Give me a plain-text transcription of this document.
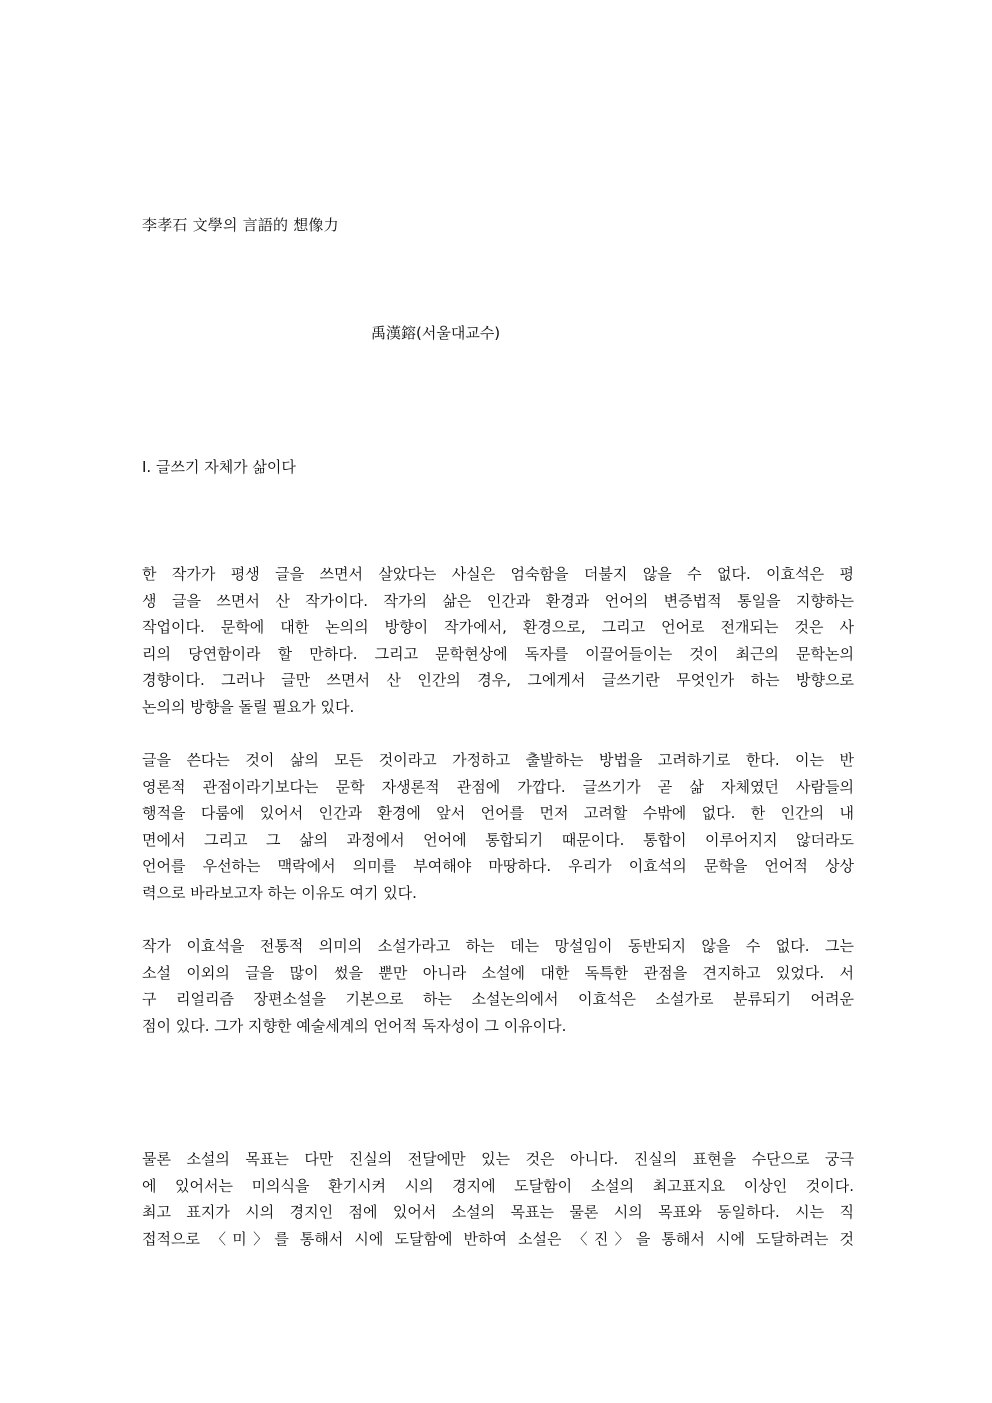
李孝石 文學의 言語的 想像力
禹漢鎔(서울대교수)
Ⅰ. 글쓰기 자체가 삶이다
한 작가가 평생 글을 쓰면서 살았다는 사실은 엄숙함을 더불지 않을 수 없다. 이효석은 평
생 글을 쓰면서 산 작가이다. 작가의 삶은 인간과 환경과 언어의 변증법적 통일을 지향하는
작업이다. 문학에 대한 논의의 방향이 작가에서, 환경으로, 그리고 언어로 전개되는 것은 사
리의 당연함이라 할 만하다. 그리고 문학현상에 독자를 이끌어들이는 것이 최근의 문학논의
경향이다. 그러나 글만 쓰면서 산 인간의 경우, 그에게서 글쓰기란 무엇인가 하는 방향으로
논의의 방향을 돌릴 필요가 있다.
글을 쓴다는 것이 삶의 모든 것이라고 가정하고 출발하는 방법을 고려하기로 한다. 이는 반
영론적 관점이라기보다는 문학 자생론적 관점에 가깝다. 글쓰기가 곧 삶 자체였던 사람들의
행적을 다룸에 있어서 인간과 환경에 앞서 언어를 먼저 고려할 수밖에 없다. 한 인간의 내
면에서 그리고 그 삶의 과정에서 언어에 통합되기 때문이다. 통합이 이루어지지 않더라도
언어를 우선하는 맥락에서 의미를 부여해야 마땅하다. 우리가 이효석의 문학을 언어적 상상
력으로 바라보고자 하는 이유도 여기 있다.
작가 이효석을 전통적 의미의 소설가라고 하는 데는 망설임이 동반되지 않을 수 없다. 그는
소설 이외의 글을 많이 썼을 뿐만 아니라 소설에 대한 독특한 관점을 견지하고 있었다. 서
구 리얼리즘 장편소설을 기본으로 하는 소설논의에서 이효석은 소설가로 분류되기 어려운
점이 있다. 그가 지향한 예술세계의 언어적 독자성이 그 이유이다.
물론 소설의 목표는 다만 진실의 전달에만 있는 것은 아니다. 진실의 표현을 수단으로 궁극
에 있어서는 미의식을 환기시켜 시의 경지에 도달함이 소설의 최고표지요 이상인 것이다.
최고 표지가 시의 경지인 점에 있어서 소설의 목표는 물론 시의 목표와 동일하다. 시는 직
접적으로 〈미〉를 통해서 시에 도달함에 반하여 소설은 〈진〉을 통해서 시에 도달하려는 것
